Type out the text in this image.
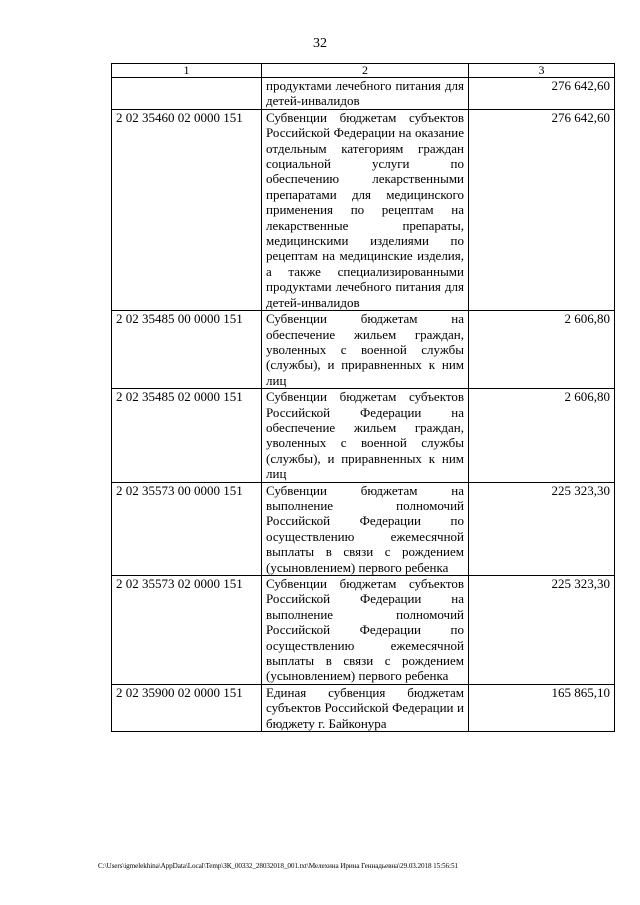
32
1	2	3
	продуктами лечебного питания для детей-инвалидов	276 642,60
2 02 35460 02 0000 151	Субвенции бюджетам субъектов Российской Федерации на оказание отдельным категориям граждан социальной услуги по обеспечению лекарственными препаратами для медицинского применения по рецептам на лекарственные препараты, медицинскими изделиями по рецептам на медицинские изделия, а также специализированными продуктами лечебного питания для детей-инвалидов	276 642,60
2 02 35485 00 0000 151	Субвенции бюджетам на обеспечение жильем граждан, уволенных с военной службы (службы), и приравненных к ним лиц	2 606,80
2 02 35485 02 0000 151	Субвенции бюджетам субъектов Российской Федерации на обеспечение жильем граждан, уволенных с военной службы (службы), и приравненных к ним лиц	2 606,80
2 02 35573 00 0000 151	Субвенции бюджетам на выполнение полномочий Российской Федерации по осуществлению ежемесячной выплаты в связи с рождением (усыновлением) первого ребенка	225 323,30
2 02 35573 02 0000 151	Субвенции бюджетам субъектов Российской Федерации на выполнение полномочий Российской Федерации по осуществлению ежемесячной выплаты в связи с рождением (усыновлением) первого ребенка	225 323,30
2 02 35900 02 0000 151	Единая субвенция бюджетам субъектов Российской Федерации и бюджету г. Байконура	165 865,10
C:\Users\igmelekhina\AppData\Local\Temp\ЗК_00332_28032018_001.txt\Мелехина Ирина Геннадьевна\29.03.2018 15:56:51
